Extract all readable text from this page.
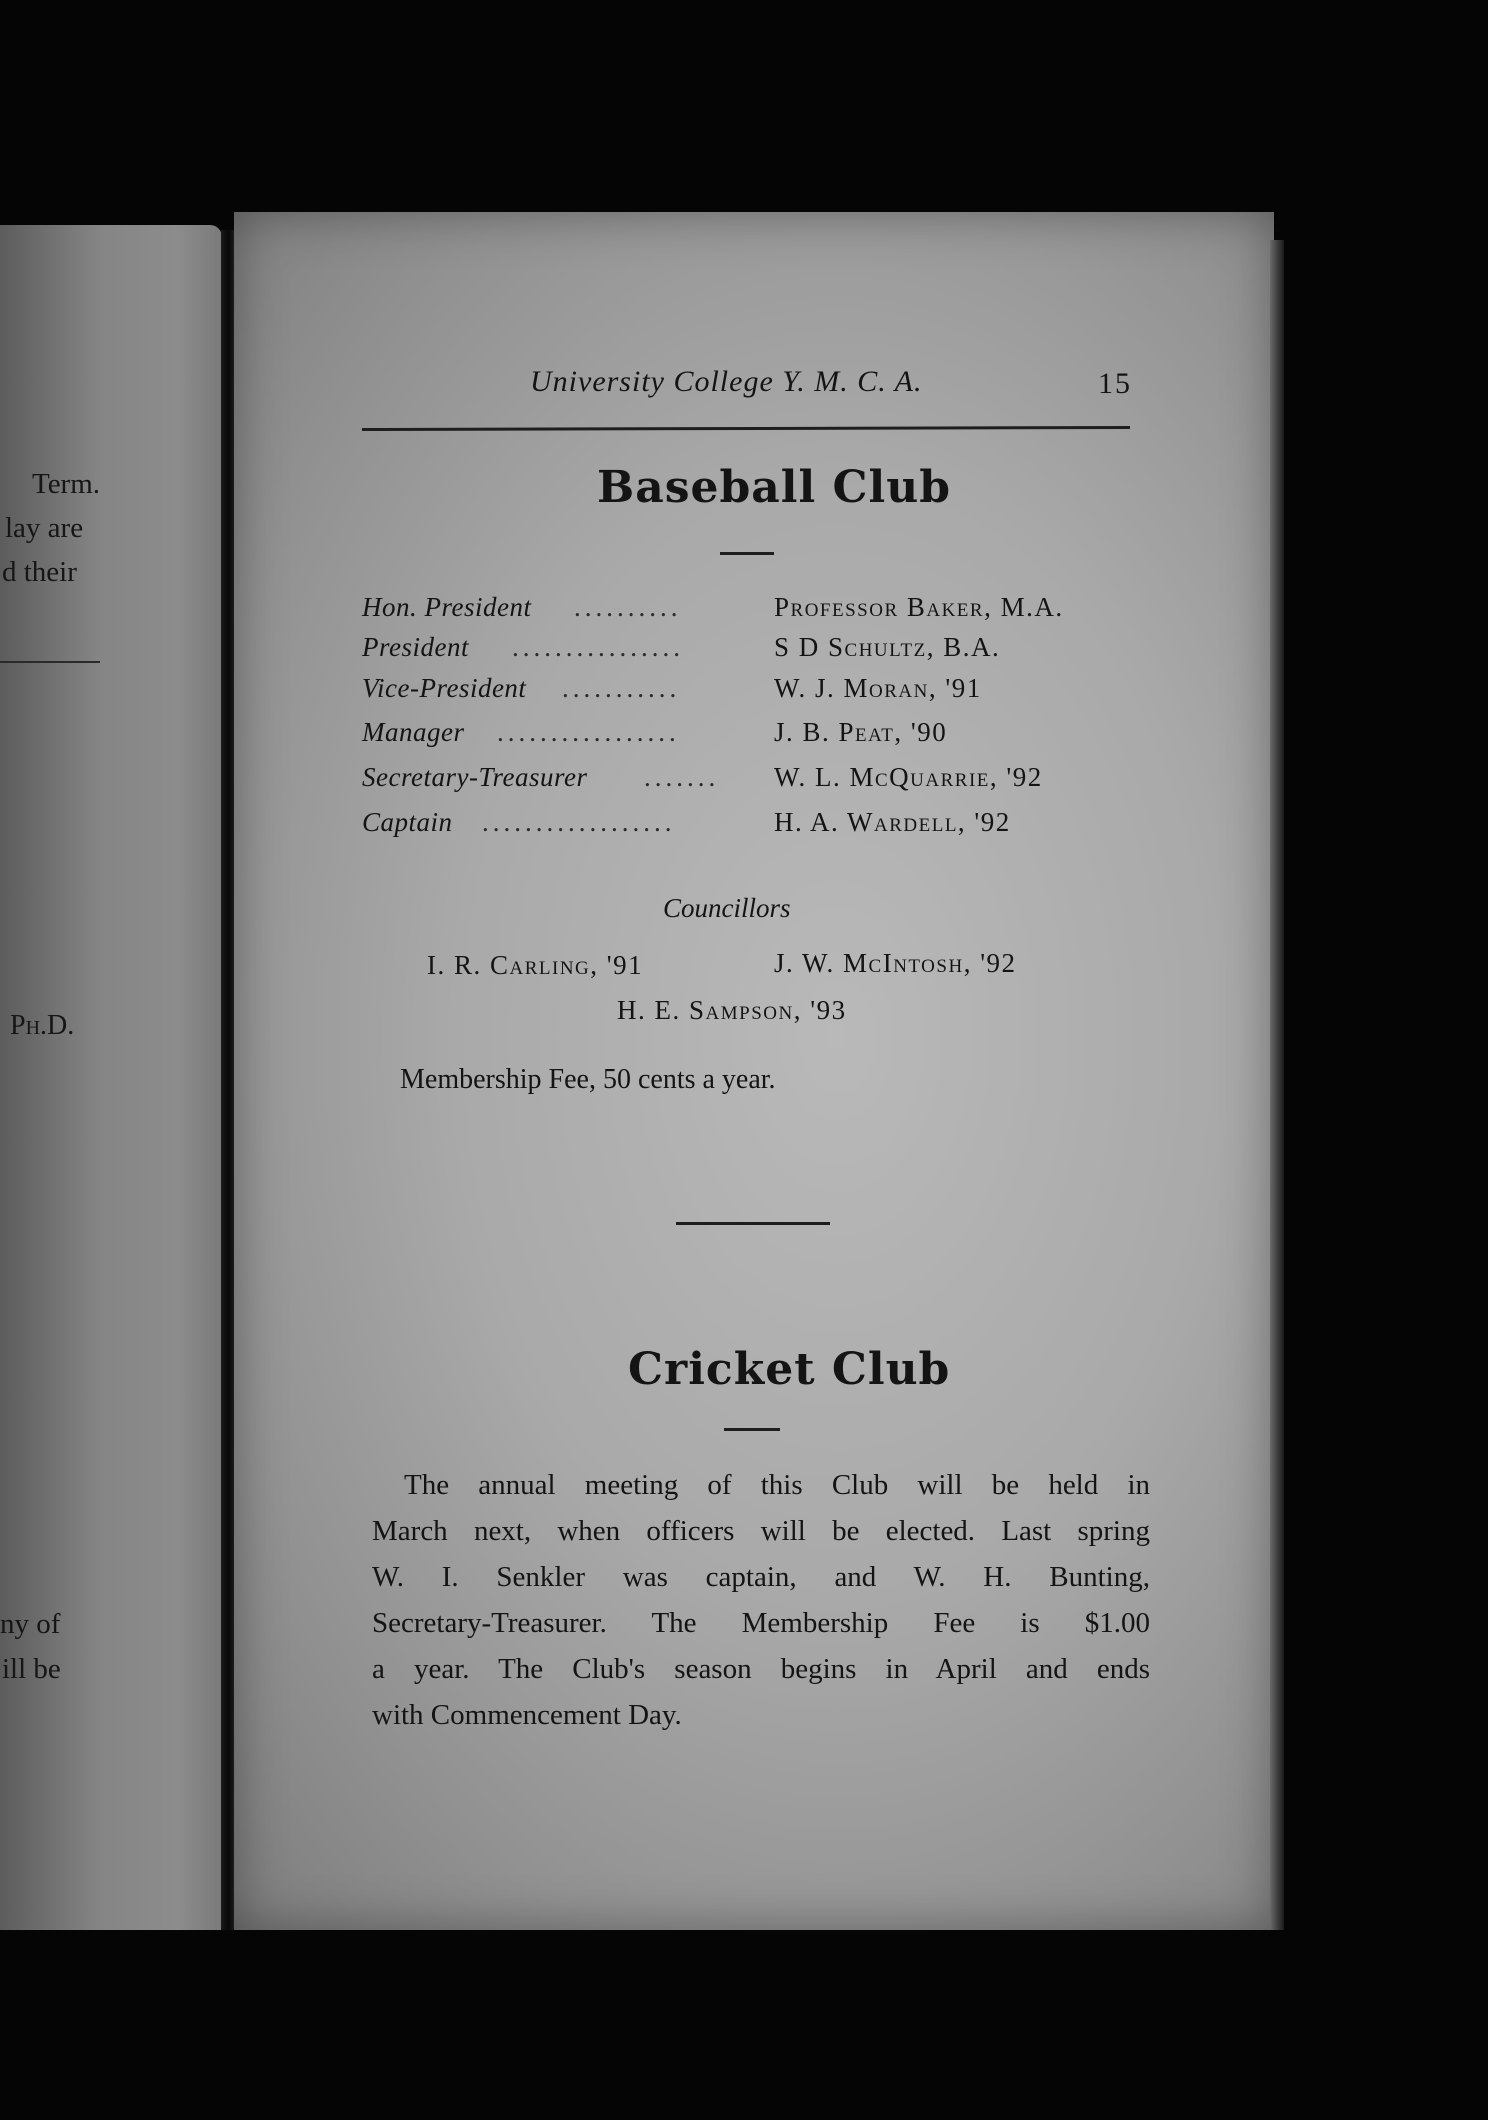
Term.
lay are
d their
Ph.D.
ny of
ill be
University College Y. M. C. A.	15
Baseball Club
Hon. President ..........	Professor Baker, M.A.
President ................	S D Schultz, B.A.
Vice-President ...........	W. J. Moran, '91
Manager .................	J. B. Peat, '90
Secretary-Treasurer ....... W. L. McQuarrie, '92
Captain ..................	H. A. Wardell, '92
Councillors
I. R. Carling, '91	J. W. McIntosh, '92
H. E. Sampson, '93
Membership Fee, 50 cents a year.
Cricket Club
The annual meeting of this Club will be held in
March next, when officers will be elected. Last spring
W. I. Senkler was captain, and W. H. Bunting,
Secretary-Treasurer. The Membership Fee is $1.00
a year. The Club's season begins in April and ends
with Commencement Day.
